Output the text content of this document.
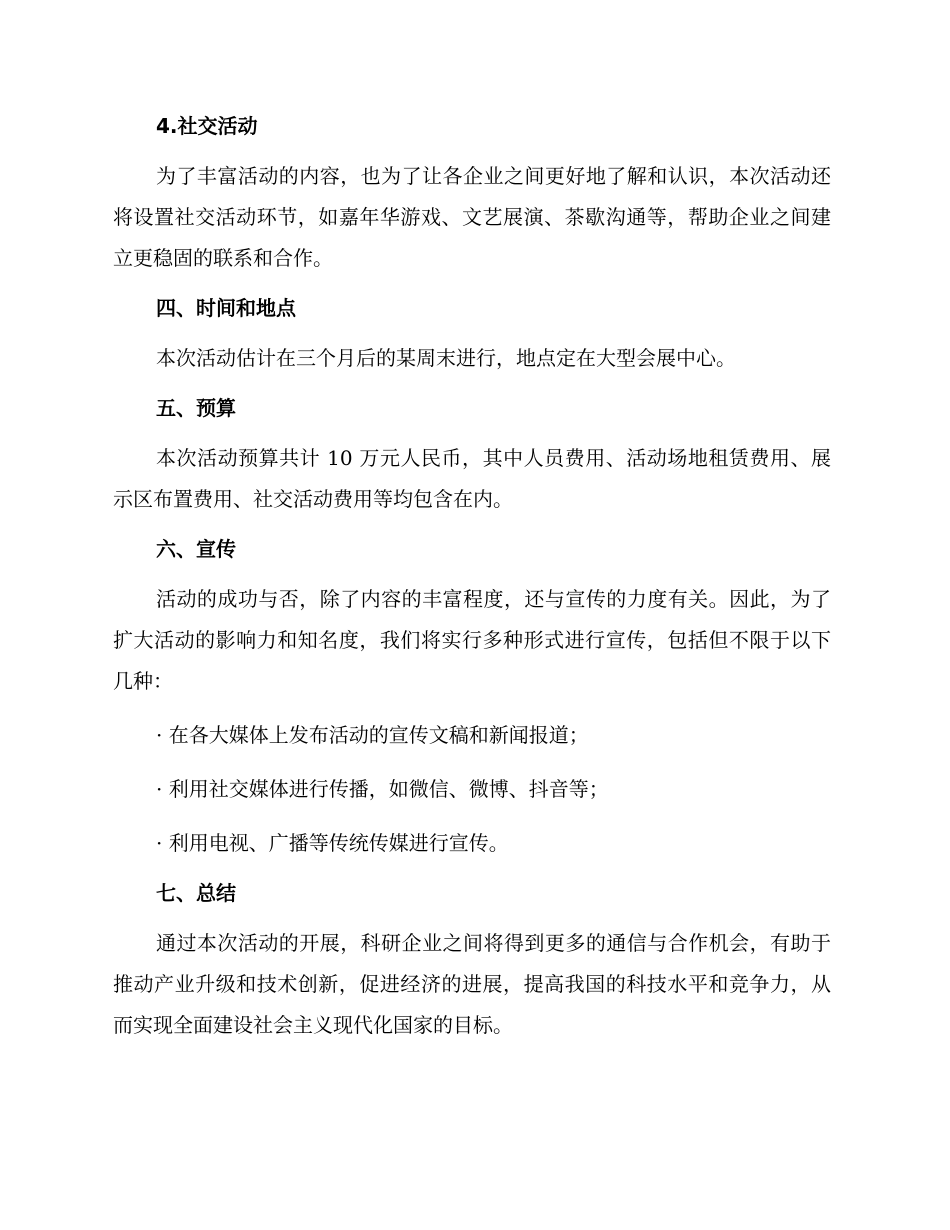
4.社交活动

为了丰富活动的内容，也为了让各企业之间更好地了解和认识，本次活动还将设置社交活动环节，如嘉年华游戏、文艺展演、茶歇沟通等，帮助企业之间建立更稳固的联系和合作。

四、时间和地点

本次活动估计在三个月后的某周末进行，地点定在大型会展中心。

五、预算

本次活动预算共计 10 万元人民币，其中人员费用、活动场地租赁费用、展示区布置费用、社交活动费用等均包含在内。

六、宣传

活动的成功与否，除了内容的丰富程度，还与宣传的力度有关。因此，为了扩大活动的影响力和知名度，我们将实行多种形式进行宣传，包括但不限于以下几种：

· 在各大媒体上发布活动的宣传文稿和新闻报道；

· 利用社交媒体进行传播，如微信、微博、抖音等；

· 利用电视、广播等传统传媒进行宣传。

七、总结

通过本次活动的开展，科研企业之间将得到更多的通信与合作机会，有助于推动产业升级和技术创新，促进经济的进展，提高我国的科技水平和竞争力，从而实现全面建设社会主义现代化国家的目标。
